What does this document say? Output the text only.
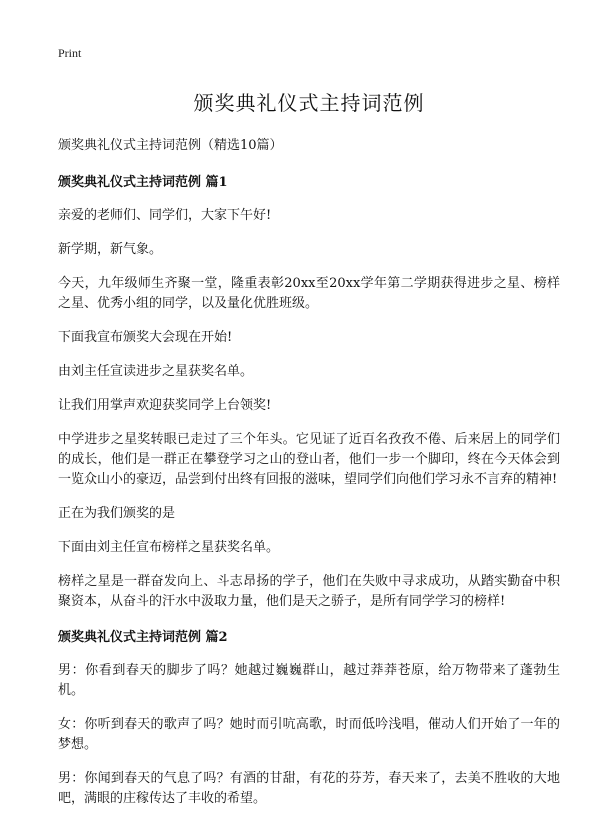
Print
颁奖典礼仪式主持词范例
颁奖典礼仪式主持词范例（精选10篇）
颁奖典礼仪式主持词范例 篇1

亲爱的老师们、同学们，大家下午好!

新学期，新气象。

今天，九年级师生齐聚一堂，隆重表彰20xx至20xx学年第二学期获得进步之星、榜样之星、优秀小组的同学，以及量化优胜班级。

下面我宣布颁奖大会现在开始!

由刘主任宣读进步之星获奖名单。

让我们用掌声欢迎获奖同学上台领奖!

中学进步之星奖转眼已走过了三个年头。它见证了近百名孜孜不倦、后来居上的同学们的成长，他们是一群正在攀登学习之山的登山者，他们一步一个脚印，终在今天体会到一览众山小的豪迈，品尝到付出终有回报的滋味，望同学们向他们学习永不言弃的精神!

正在为我们颁奖的是

下面由刘主任宣布榜样之星获奖名单。

榜样之星是一群奋发向上、斗志昂扬的学子，他们在失败中寻求成功，从踏实勤奋中积聚资本，从奋斗的汗水中汲取力量，他们是天之骄子，是所有同学学习的榜样!

颁奖典礼仪式主持词范例 篇2

男：你看到春天的脚步了吗？她越过巍巍群山，越过莽莽苍原，给万物带来了蓬勃生机。

女：你听到春天的歌声了吗？她时而引吭高歌，时而低吟浅唱，催动人们开始了一年的梦想。

男：你闻到春天的气息了吗？有酒的甘甜，有花的芬芳，春天来了，去美不胜收的大地吧，满眼的庄稼传达了丰收的希望。
